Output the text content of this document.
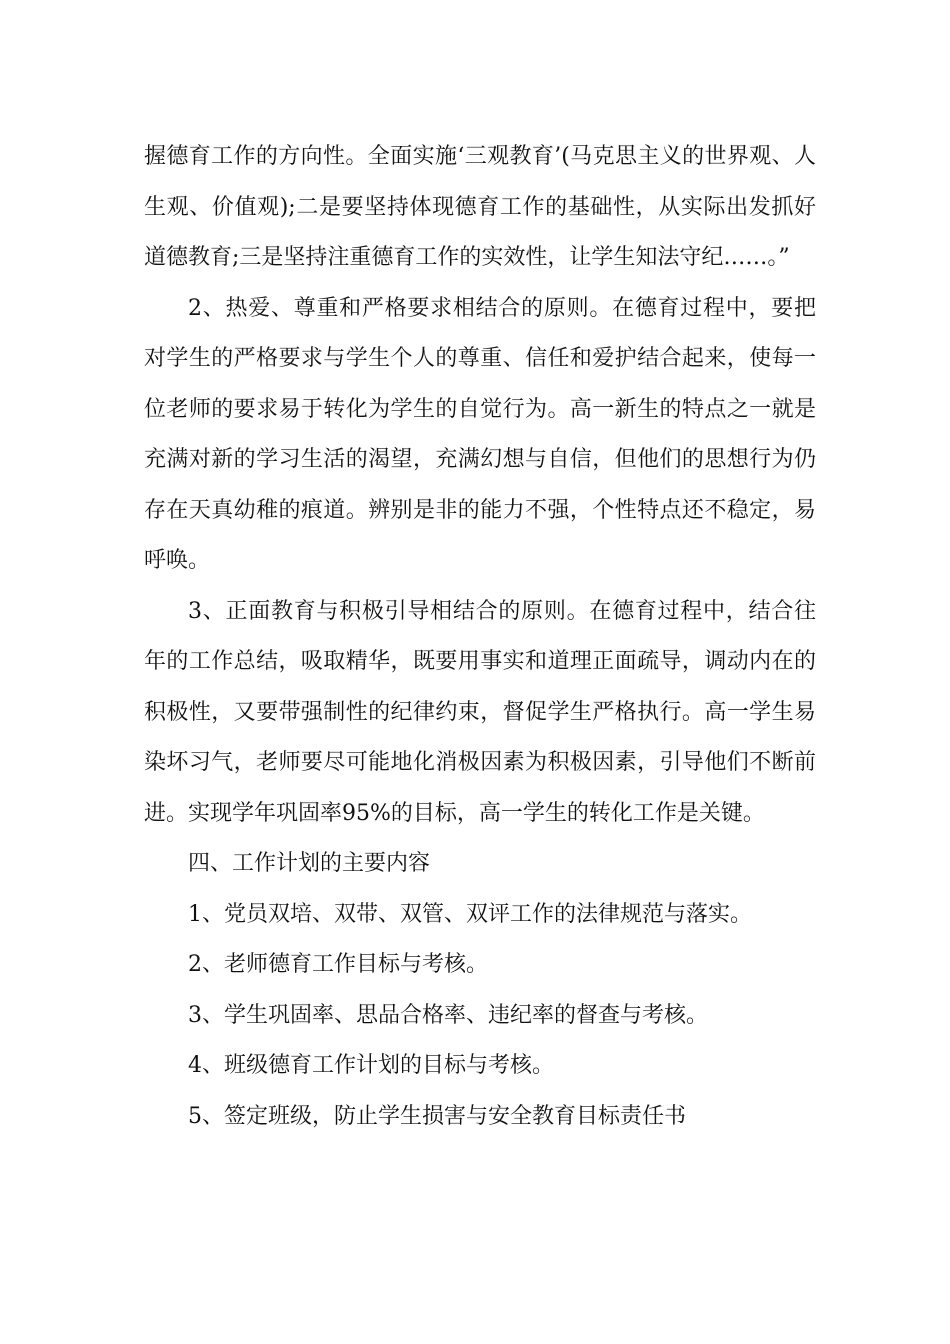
握德育工作的方向性。全面实施‘三观教育’(马克思主义的世界观、人生观、价值观);二是要坚持体现德育工作的基础性，从实际出发抓好道德教育;三是坚持注重德育工作的实效性，让学生知法守纪……。”

2、热爱、尊重和严格要求相结合的原则。在德育过程中，要把对学生的严格要求与学生个人的尊重、信任和爱护结合起来，使每一位老师的要求易于转化为学生的自觉行为。高一新生的特点之一就是充满对新的学习生活的渴望，充满幻想与自信，但他们的思想行为仍存在天真幼稚的痕道。辨别是非的能力不强，个性特点还不稳定，易呼唤。

3、正面教育与积极引导相结合的原则。在德育过程中，结合往年的工作总结，吸取精华，既要用事实和道理正面疏导，调动内在的积极性，又要带强制性的纪律约束，督促学生严格执行。高一学生易染坏习气，老师要尽可能地化消极因素为积极因素，引导他们不断前进。实现学年巩固率95%的目标，高一学生的转化工作是关键。

四、工作计划的主要内容

1、党员双培、双带、双管、双评工作的法律规范与落实。

2、老师德育工作目标与考核。

3、学生巩固率、思品合格率、违纪率的督查与考核。

4、班级德育工作计划的目标与考核。

5、签定班级，防止学生损害与安全教育目标责任书
